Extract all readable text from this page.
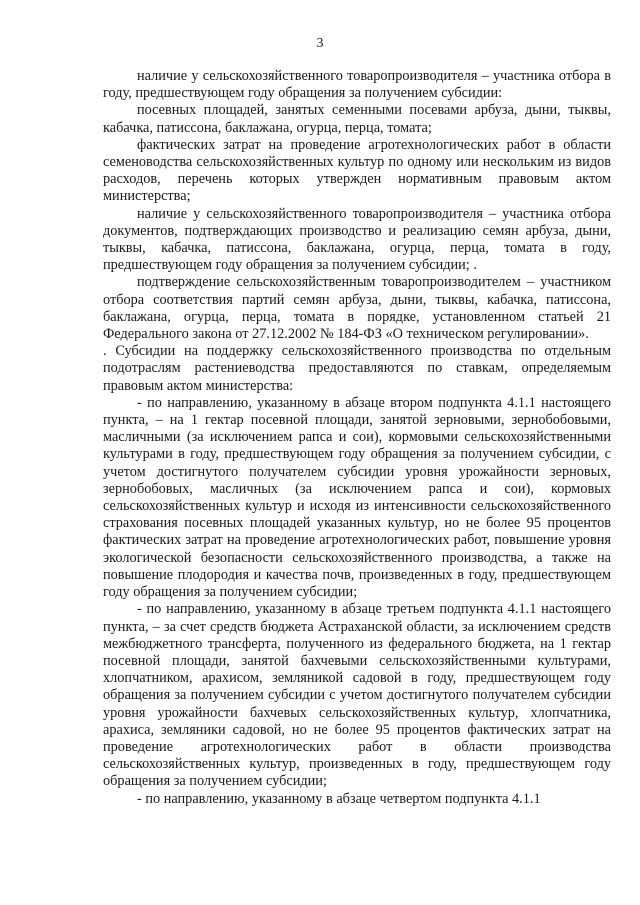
3

наличие у сельскохозяйственного товаропроизводителя – участника отбора в году, предшествующем году обращения за получением субсидии:

посевных площадей, занятых семенными посевами арбуза, дыни, тыквы, кабачка, патиссона, баклажана, огурца, перца, томата;

фактических затрат на проведение агротехнологических работ в области семеноводства сельскохозяйственных культур по одному или нескольким из видов расходов, перечень которых утвержден нормативным правовым актом министерства;

наличие у сельскохозяйственного товаропроизводителя – участника отбора документов, подтверждающих производство и реализацию семян арбуза, дыни, тыквы, кабачка, патиссона, баклажана, огурца, перца, томата в году, предшествующем году обращения за получением субсидии; .

подтверждение сельскохозяйственным товаропроизводителем – участником отбора соответствия партий семян арбуза, дыни, тыквы, кабачка, патиссона, баклажана, огурца, перца, томата в порядке, установленном статьей 21 Федерального закона от 27.12.2002 № 184-ФЗ «О техническом регулировании».

. Субсидии на поддержку сельскохозяйственного производства по отдельным подотраслям растениеводства предоставляются по ставкам, определяемым правовым актом министерства:

- по направлению, указанному в абзаце втором подпункта 4.1.1 настоящего пункта, – на 1 гектар посевной площади, занятой зерновыми, зернобобовыми, масличными (за исключением рапса и сои), кормовыми сельскохозяйственными культурами в году, предшествующем году обращения за получением субсидии, с учетом достигнутого получателем субсидии уровня урожайности зерновых, зернобобовых, масличных (за исключением рапса и сои), кормовых сельскохозяйственных культур и исходя из интенсивности сельскохозяйственного страхования посевных площадей указанных культур, но не более 95 процентов фактических затрат на проведение агротехнологических работ, повышение уровня экологической безопасности сельскохозяйственного производства, а также на повышение плодородия и качества почв, произведенных в году, предшествующем году обращения за получением субсидии;

- по направлению, указанному в абзаце третьем подпункта 4.1.1 настоящего пункта, – за счет средств бюджета Астраханской области, за исключением средств межбюджетного трансферта, полученного из федерального бюджета, на 1 гектар посевной площади, занятой бахчевыми сельскохозяйственными культурами, хлопчатником, арахисом, земляникой садовой в году, предшествующем году обращения за получением субсидии с учетом достигнутого получателем субсидии уровня урожайности бахчевых сельскохозяйственных культур, хлопчатника, арахиса, земляники садовой, но не более 95 процентов фактических затрат на проведение агротехнологических работ в области производства сельскохозяйственных культур, произведенных в году, предшествующем году обращения за получением субсидии;

- по направлению, указанному в абзаце четвертом подпункта 4.1.1
